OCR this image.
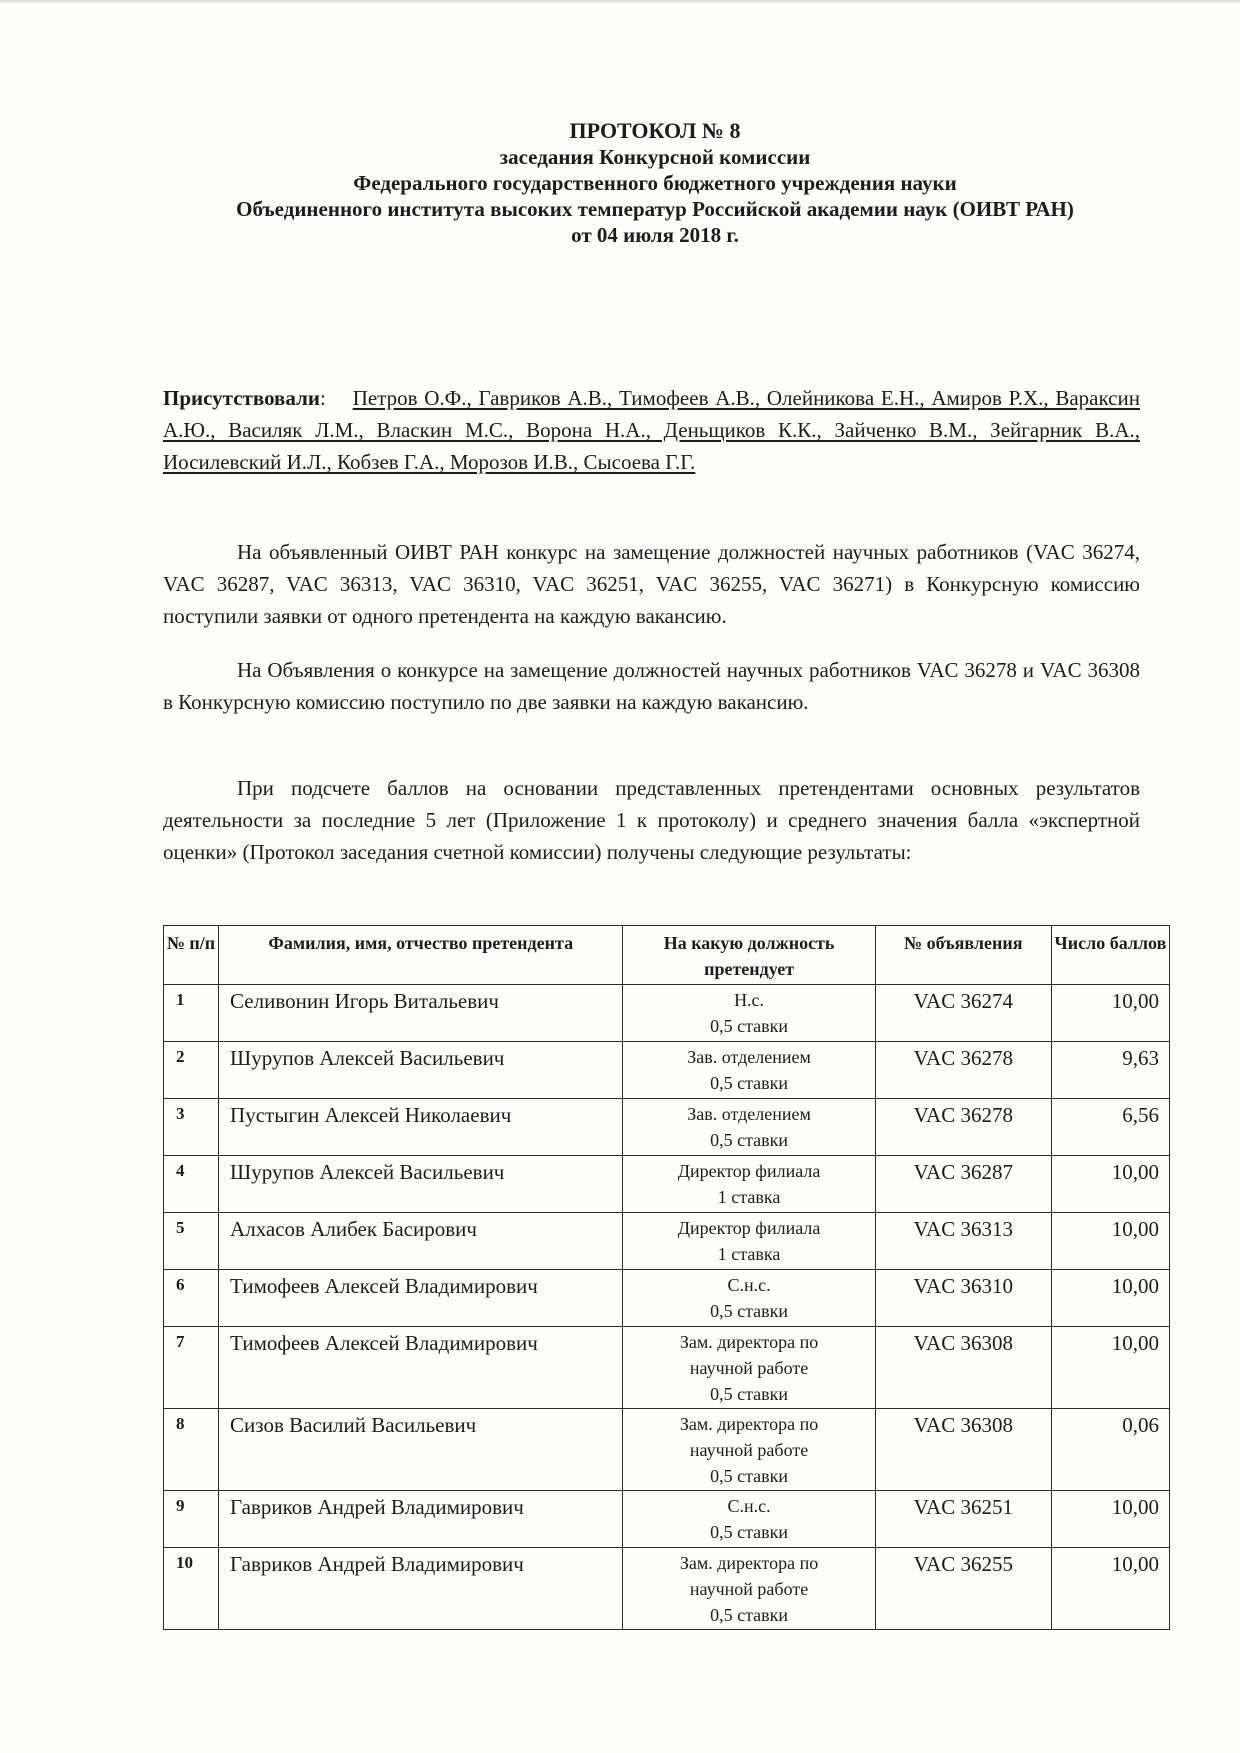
ПРОТОКОЛ № 8
заседания Конкурсной комиссии
Федерального государственного бюджетного учреждения науки
Объединенного института высоких температур Российской академии наук (ОИВТ РАН)
от 04 июля 2018 г.
Присутствовали:    Петров О.Ф., Гавриков А.В., Тимофеев А.В., Олейникова Е.Н., Амиров Р.Х., Вараксин А.Ю., Василяк Л.М., Власкин М.С., Ворона Н.А., Деньщиков К.К., Зайченко В.М., Зейгарник В.А., Иосилевский И.Л., Кобзев Г.А., Морозов И.В., Сысоева Г.Г.
На объявленный ОИВТ РАН конкурс на замещение должностей научных работников (VAC 36274, VAC 36287, VAC 36313, VAC 36310, VAC 36251, VAC 36255, VAC 36271) в Конкурсную комиссию поступили заявки от одного претендента на каждую вакансию.
На Объявления о конкурсе на замещение должностей научных работников VAC 36278 и VAC 36308 в Конкурсную комиссию поступило по две заявки на каждую вакансию.
При подсчете баллов на основании представленных претендентами основных результатов деятельности за последние 5 лет (Приложение 1 к протоколу) и среднего значения балла «экспертной оценки» (Протокол заседания счетной комиссии) получены следующие результаты:
№ п/п	Фамилия, имя, отчество претендента	На какую должность претендует	№ объявления	Число баллов
1	Селивонин Игорь Витальевич	Н.с.
0,5 ставки	VAC 36274	10,00
2	Шурупов Алексей Васильевич	Зав. отделением
0,5 ставки	VAC 36278	9,63
3	Пустыгин Алексей Николаевич	Зав. отделением
0,5 ставки	VAC 36278	6,56
4	Шурупов Алексей Васильевич	Директор филиала
1 ставка	VAC 36287	10,00
5	Алхасов Алибек Басирович	Директор филиала
1 ставка	VAC 36313	10,00
6	Тимофеев Алексей Владимирович	С.н.с.
0,5 ставки	VAC 36310	10,00
7	Тимофеев Алексей Владимирович	Зам. директора по
научной работе
0,5 ставки	VAC 36308	10,00
8	Сизов Василий Васильевич	Зам. директора по
научной работе
0,5 ставки	VAC 36308	0,06
9	Гавриков Андрей Владимирович	С.н.с.
0,5 ставки	VAC 36251	10,00
10	Гавриков Андрей Владимирович	Зам. директора по
научной работе
0,5 ставки	VAC 36255	10,00
